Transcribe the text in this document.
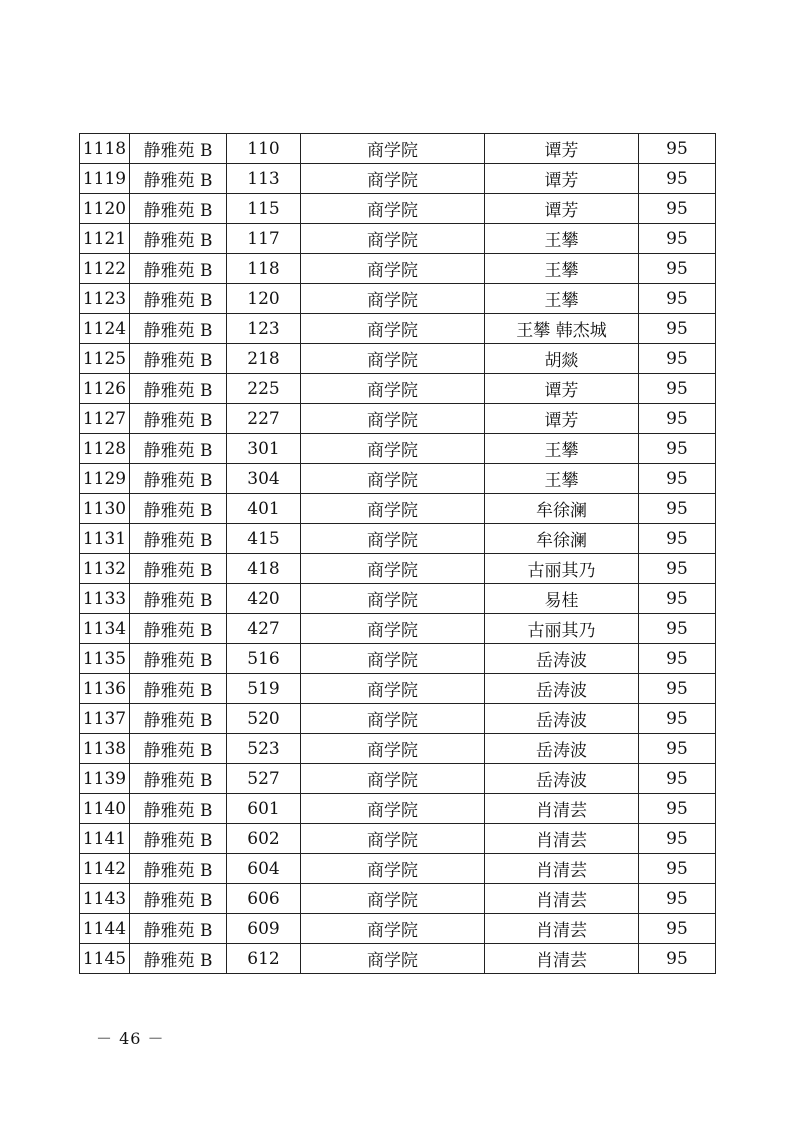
1118	静雅苑 B	110	商学院	谭芳	95
1119	静雅苑 B	113	商学院	谭芳	95
1120	静雅苑 B	115	商学院	谭芳	95
1121	静雅苑 B	117	商学院	王攀	95
1122	静雅苑 B	118	商学院	王攀	95
1123	静雅苑 B	120	商学院	王攀	95
1124	静雅苑 B	123	商学院	王攀 韩杰城	95
1125	静雅苑 B	218	商学院	胡燚	95
1126	静雅苑 B	225	商学院	谭芳	95
1127	静雅苑 B	227	商学院	谭芳	95
1128	静雅苑 B	301	商学院	王攀	95
1129	静雅苑 B	304	商学院	王攀	95
1130	静雅苑 B	401	商学院	牟徐澜	95
1131	静雅苑 B	415	商学院	牟徐澜	95
1132	静雅苑 B	418	商学院	古丽其乃	95
1133	静雅苑 B	420	商学院	易桂	95
1134	静雅苑 B	427	商学院	古丽其乃	95
1135	静雅苑 B	516	商学院	岳涛波	95
1136	静雅苑 B	519	商学院	岳涛波	95
1137	静雅苑 B	520	商学院	岳涛波	95
1138	静雅苑 B	523	商学院	岳涛波	95
1139	静雅苑 B	527	商学院	岳涛波	95
1140	静雅苑 B	601	商学院	肖清芸	95
1141	静雅苑 B	602	商学院	肖清芸	95
1142	静雅苑 B	604	商学院	肖清芸	95
1143	静雅苑 B	606	商学院	肖清芸	95
1144	静雅苑 B	609	商学院	肖清芸	95
1145	静雅苑 B	612	商学院	肖清芸	95
－ 46 －
